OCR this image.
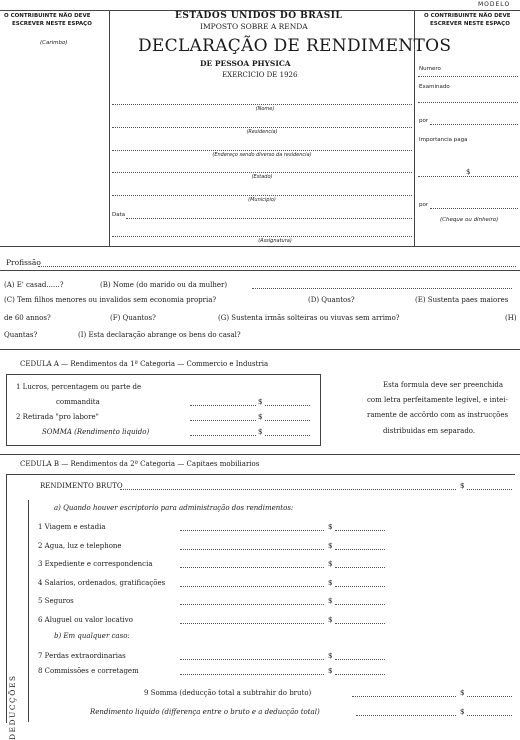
MODELO
O CONTRIBUINTE NÃO DEVE
ESCREVER NESTE ESPAÇO
(Carimbo)
O CONTRIBUINTE NÃO DEVE
ESCREVER NESTE ESPAÇO
ESTADOS UNIDOS DO BRASIL
IMPOSTO SOBRE A RENDA
DECLARAÇÃO DE RENDIMENTOS
DE PESSOA PHYSICA
EXERCICIO DE 1926
(Nome)
(Residencia)
(Endereço sendo diverso da residencia)
(Estado)
(Municipio)
Data
(Assignatura)
Numero
Examinado
por
Importancia paga
$
por
(Cheque ou dinheiro)
Profissão
(A) E' casad......?	(B) Nome (do marido ou da mulher)
(C) Tem filhos menores ou invalidos sem economia propria?	(D) Quantos?	(E) Sustenta paes maiores
de 60 annos?	(F) Quantos?	(G) Sustenta irmãs solteiras ou viuvas sem arrimo?	(H)
Quantas?	(I) Esta declaração abrange os bens do casal?
CEDULA A — Rendimentos da 1ª Categoria — Commercio e Industria
1 Lucros, percentagem ou parte de
commandita	$
2 Retirada "pro labore"	$
SOMMA (Rendimento liquido)	$
Esta formula deve ser preenchida
com letra perfeitamente legivel, e intei-
ramente de accôrdo com as instrucções
distribuidas em separado.
CEDULA B — Rendimentos da 2ª Categoria — Capitaes mobiliarios
RENDIMENTO BRUTO	$
a) Quando houver escriptorio para administração dos rendimentos:
DEDUCÇÕES
1 Viagem e estadia	$
2 Agua, luz e telephone	$
3 Expediente e correspondencia	$
4 Salarios, ordenados, gratificações	$
5 Seguros	$
6 Aluguel ou valor locativo	$
b) Em qualquer caso:
7 Perdas extraordinarias	$
8 Commissões e corretagem	$
9 Somma (deducção total a subtrahir do bruto)	$
Rendimento liquido (differença entre o bruto e a deducção total)	$
